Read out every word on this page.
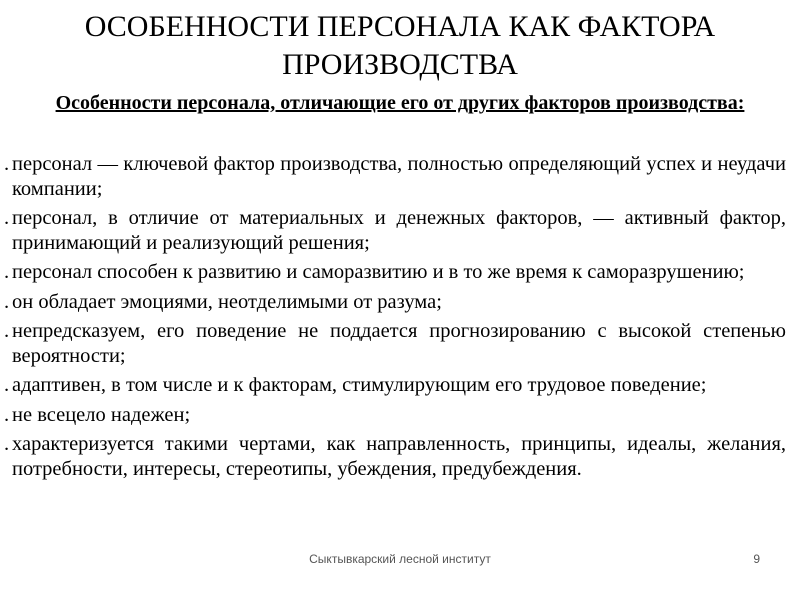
ОСОБЕННОСТИ ПЕРСОНАЛА КАК ФАКТОРА ПРОИЗВОДСТВА

Особенности персонала, отличающие его от других факторов производства:

. персонал — ключевой фактор производства, полностью определяющий успех и неудачи компании;
. персонал, в отличие от материальных и денежных факторов, — активный фактор, принимающий и реализующий решения;
. персонал способен к развитию и саморазвитию и в то же время к саморазрушению;
. он обладает эмоциями, неотделимыми от разума;
. непредсказуем, его поведение не поддается прогнозированию с высокой степенью вероятности;
. адаптивен, в том числе и к факторам, стимулирующим его трудовое поведение;
. не всецело надежен;
. характеризуется такими чертами, как направленность, принципы, идеалы, желания, потребности, интересы, стереотипы, убеждения, предубеждения.
Сыктывкарский лесной институт	9
